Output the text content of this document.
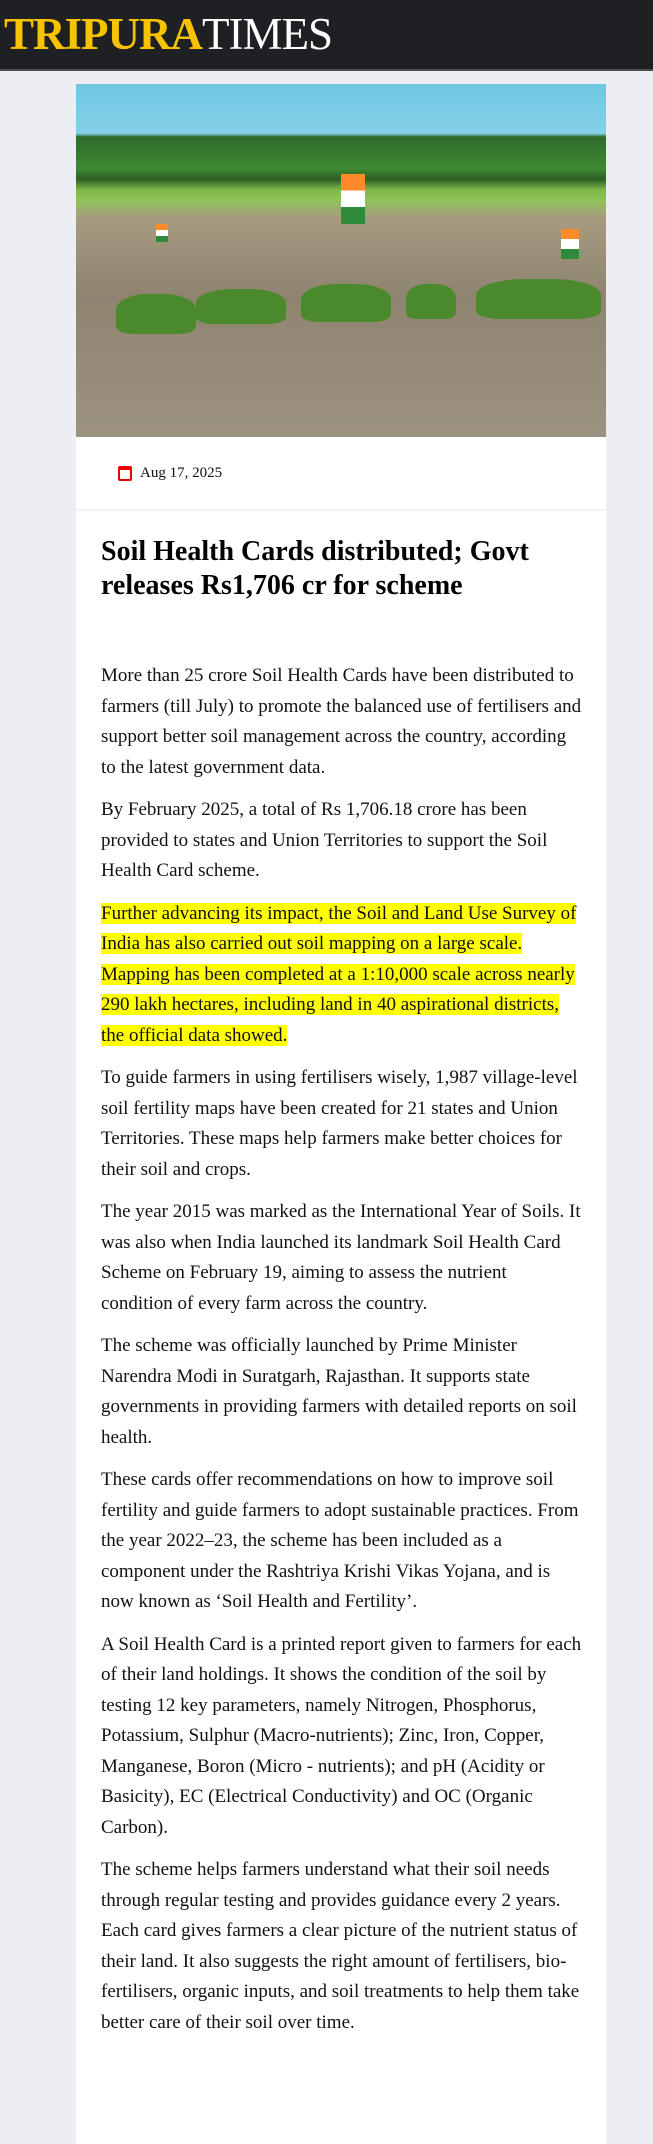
TRIPURATIMES
Aug 17, 2025
Soil Health Cards distributed; Govt releases Rs1,706 cr for scheme

More than 25 crore Soil Health Cards have been distributed to farmers (till July) to promote the balanced use of fertilisers and support better soil management across the country, according to the latest government data.

By February 2025, a total of Rs 1,706.18 crore has been provided to states and Union Territories to support the Soil Health Card scheme.

Further advancing its impact, the Soil and Land Use Survey of India has also carried out soil mapping on a large scale. Mapping has been completed at a 1:10,000 scale across nearly 290 lakh hectares, including land in 40 aspirational districts, the official data showed.

To guide farmers in using fertilisers wisely, 1,987 village-level soil fertility maps have been created for 21 states and Union Territories. These maps help farmers make better choices for their soil and crops.

The year 2015 was marked as the International Year of Soils. It was also when India launched its landmark Soil Health Card Scheme on February 19, aiming to assess the nutrient condition of every farm across the country.

The scheme was officially launched by Prime Minister Narendra Modi in Suratgarh, Rajasthan. It supports state governments in providing farmers with detailed reports on soil health.

These cards offer recommendations on how to improve soil fertility and guide farmers to adopt sustainable practices. From the year 2022–23, the scheme has been included as a component under the Rashtriya Krishi Vikas Yojana, and is now known as ‘Soil Health and Fertility’.

A Soil Health Card is a printed report given to farmers for each of their land holdings. It shows the condition of the soil by testing 12 key parameters, namely Nitrogen, Phosphorus, Potassium, Sulphur (Macro-nutrients); Zinc, Iron, Copper, Manganese, Boron (Micro - nutrients); and pH (Acidity or Basicity), EC (Electrical Conductivity) and OC (Organic Carbon).

The scheme helps farmers understand what their soil needs through regular testing and provides guidance every 2 years. Each card gives farmers a clear picture of the nutrient status of their land. It also suggests the right amount of fertilisers, bio-fertilisers, organic inputs, and soil treatments to help them take better care of their soil over time.
